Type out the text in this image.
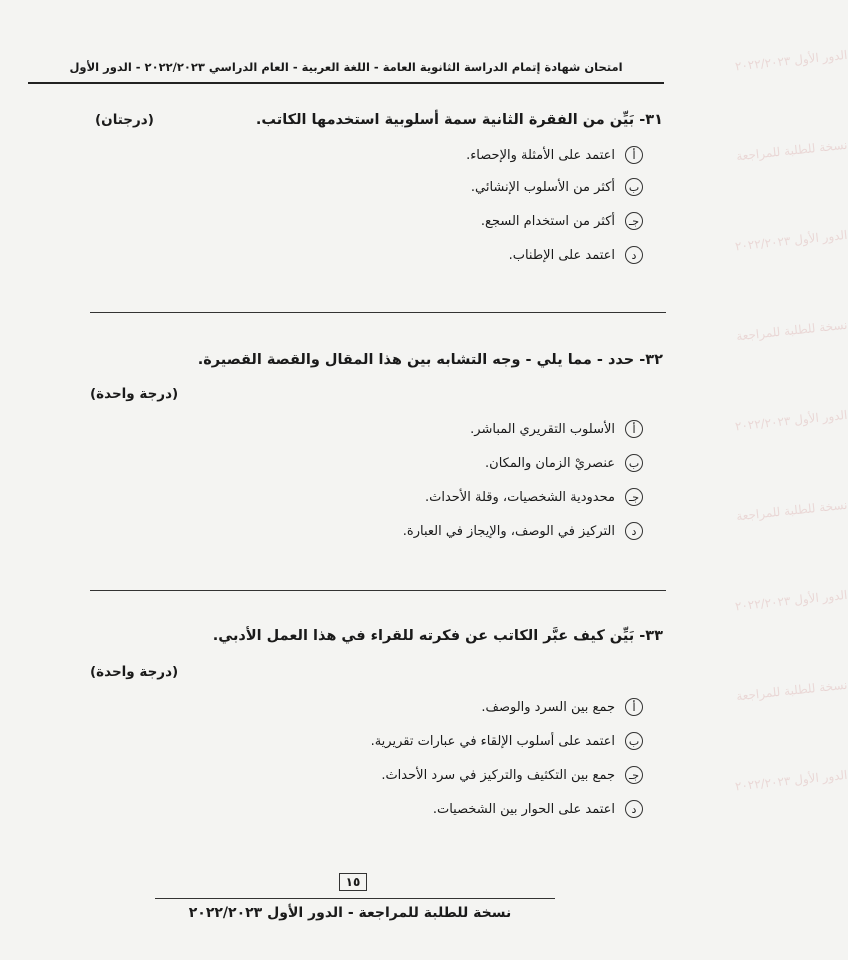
الدور الأول ٢٠٢٢/٢٠٢٣
نسخة للطلبة للمراجعة
الدور الأول ٢٠٢٢/٢٠٢٣
نسخة للطلبة للمراجعة
الدور الأول ٢٠٢٢/٢٠٢٣
نسخة للطلبة للمراجعة
الدور الأول ٢٠٢٢/٢٠٢٣
نسخة للطلبة للمراجعة
الدور الأول ٢٠٢٢/٢٠٢٣
امتحان شهادة إتمام الدراسة الثانوية العامة - اللغة العربية - العام الدراسي ٢٠٢٢/٢٠٢٣ - الدور الأول
٣١- بَيِّن من الفقرة الثانية سمة أسلوبية استخدمها الكاتب.
(درجتان)
أ
اعتمد على الأمثلة والإحصاء.
ب
أكثر من الأسلوب الإنشائي.
جـ
أكثر من استخدام السجع.
د
اعتمد على الإطناب.
٣٢- حدد - مما يلي - وجه التشابه بين هذا المقال والقصة القصيرة.
(درجة واحدة)
أ
الأسلوب التقريري المباشر.
ب
عنصريْ الزمان والمكان.
جـ
محدودية الشخصيات، وقلة الأحداث.
د
التركيز في الوصف، والإيجاز في العبارة.
٣٣- بَيِّن كيف عبَّر الكاتب عن فكرته للقراء في هذا العمل الأدبي.
(درجة واحدة)
أ
جمع بين السرد والوصف.
ب
اعتمد على أسلوب الإلقاء في عبارات تقريرية.
جـ
جمع بين التكثيف والتركيز في سرد الأحداث.
د
اعتمد على الحوار بين الشخصيات.
١٥
نسخة للطلبة للمراجعة - الدور الأول ٢٠٢٢/٢٠٢٣
